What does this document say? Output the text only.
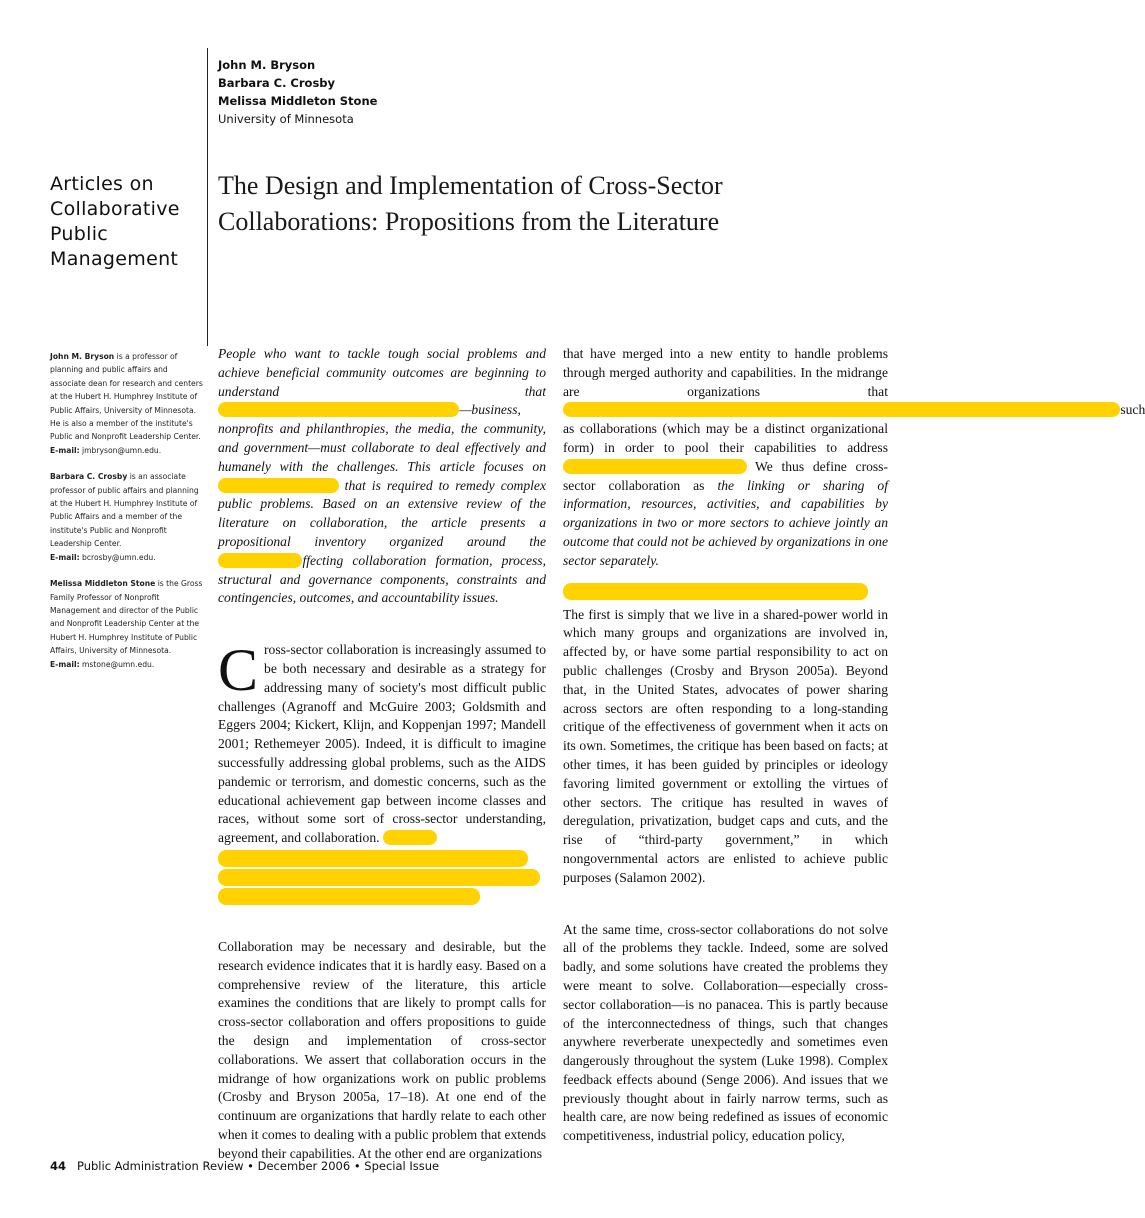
John M. Bryson
Barbara C. Crosby
Melissa Middleton Stone
University of Minnesota
Articles on Collaborative Public Management
The Design and Implementation of Cross-Sector Collaborations: Propositions from the Literature
John M. Bryson is a professor of planning and public affairs and associate dean for research and centers at the Hubert H. Humphrey Institute of Public Affairs, University of Minnesota. He is also a member of the institute's Public and Nonprofit Leadership Center.
E-mail: jmbryson@umn.edu.
Barbara C. Crosby is an associate professor of public affairs and planning at the Hubert H. Humphrey Institute of Public Affairs and a member of the institute's Public and Nonprofit Leadership Center.
E-mail: bcrosby@umn.edu.
Melissa Middleton Stone is the Gross Family Professor of Nonprofit Management and director of the Public and Nonprofit Leadership Center at the Hubert H. Humphrey Institute of Public Affairs, University of Minnesota.
E-mail: mstone@umn.edu.

People who want to tackle tough social problems and achieve beneficial community outcomes are beginning to understand that —business, nonprofits and philanthropies, the media, the community, and government—must collaborate to deal effectively and humanely with the challenges. This article focuses on that is required to remedy complex public problems. Based on an extensive review of the literature on collaboration, the article presents a propositional inventory organized around the ffecting collaboration formation, process, structural and governance components, constraints and contingencies, outcomes, and accountability issues.

Cross-sector collaboration is increasingly assumed to be both necessary and desirable as a strategy for addressing many of society's most difficult public challenges (Agranoff and McGuire 2003; Goldsmith and Eggers 2004; Kickert, Klijn, and Koppenjan 1997; Mandell 2001; Rethemeyer 2005). Indeed, it is difficult to imagine successfully addressing global problems, such as the AIDS pandemic or terrorism, and domestic concerns, such as the educational achievement gap between income classes and races, without some sort of cross-sector understanding, agreement, and collaboration.

Collaboration may be necessary and desirable, but the research evidence indicates that it is hardly easy. Based on a comprehensive review of the literature, this article examines the conditions that are likely to prompt calls for cross-sector collaboration and offers propositions to guide the design and implementation of cross-sector collaborations. We assert that collaboration occurs in the midrange of how organizations work on public problems (Crosby and Bryson 2005a, 17–18). At one end of the continuum are organizations that hardly relate to each other when it comes to dealing with a public problem that extends beyond their capabilities. At the other end are organizations

that have merged into a new entity to handle problems through merged authority and capabilities. In the midrange are organizations that such as collaborations (which may be a distinct organizational form) in order to pool their capabilities to address We thus define cross-sector collaboration as the linking or sharing of information, resources, activities, and capabilities by organizations in two or more sectors to achieve jointly an outcome that could not be achieved by organizations in one sector separately.

The first is simply that we live in a shared-power world in which many groups and organizations are involved in, affected by, or have some partial responsibility to act on public challenges (Crosby and Bryson 2005a). Beyond that, in the United States, advocates of power sharing across sectors are often responding to a long-standing critique of the effectiveness of government when it acts on its own. Sometimes, the critique has been based on facts; at other times, it has been guided by principles or ideology favoring limited government or extolling the virtues of other sectors. The critique has resulted in waves of deregulation, privatization, budget caps and cuts, and the rise of “third-party government,” in which nongovernmental actors are enlisted to achieve public purposes (Salamon 2002).

At the same time, cross-sector collaborations do not solve all of the problems they tackle. Indeed, some are solved badly, and some solutions have created the problems they were meant to solve. Collaboration—especially cross-sector collaboration—is no panacea. This is partly because of the interconnectedness of things, such that changes anywhere reverberate unexpectedly and sometimes even dangerously throughout the system (Luke 1998). Complex feedback effects abound (Senge 2006). And issues that we previously thought about in fairly narrow terms, such as health care, are now being redefined as issues of economic competitiveness, industrial policy, education policy,

44 Public Administration Review • December 2006 • Special Issue
